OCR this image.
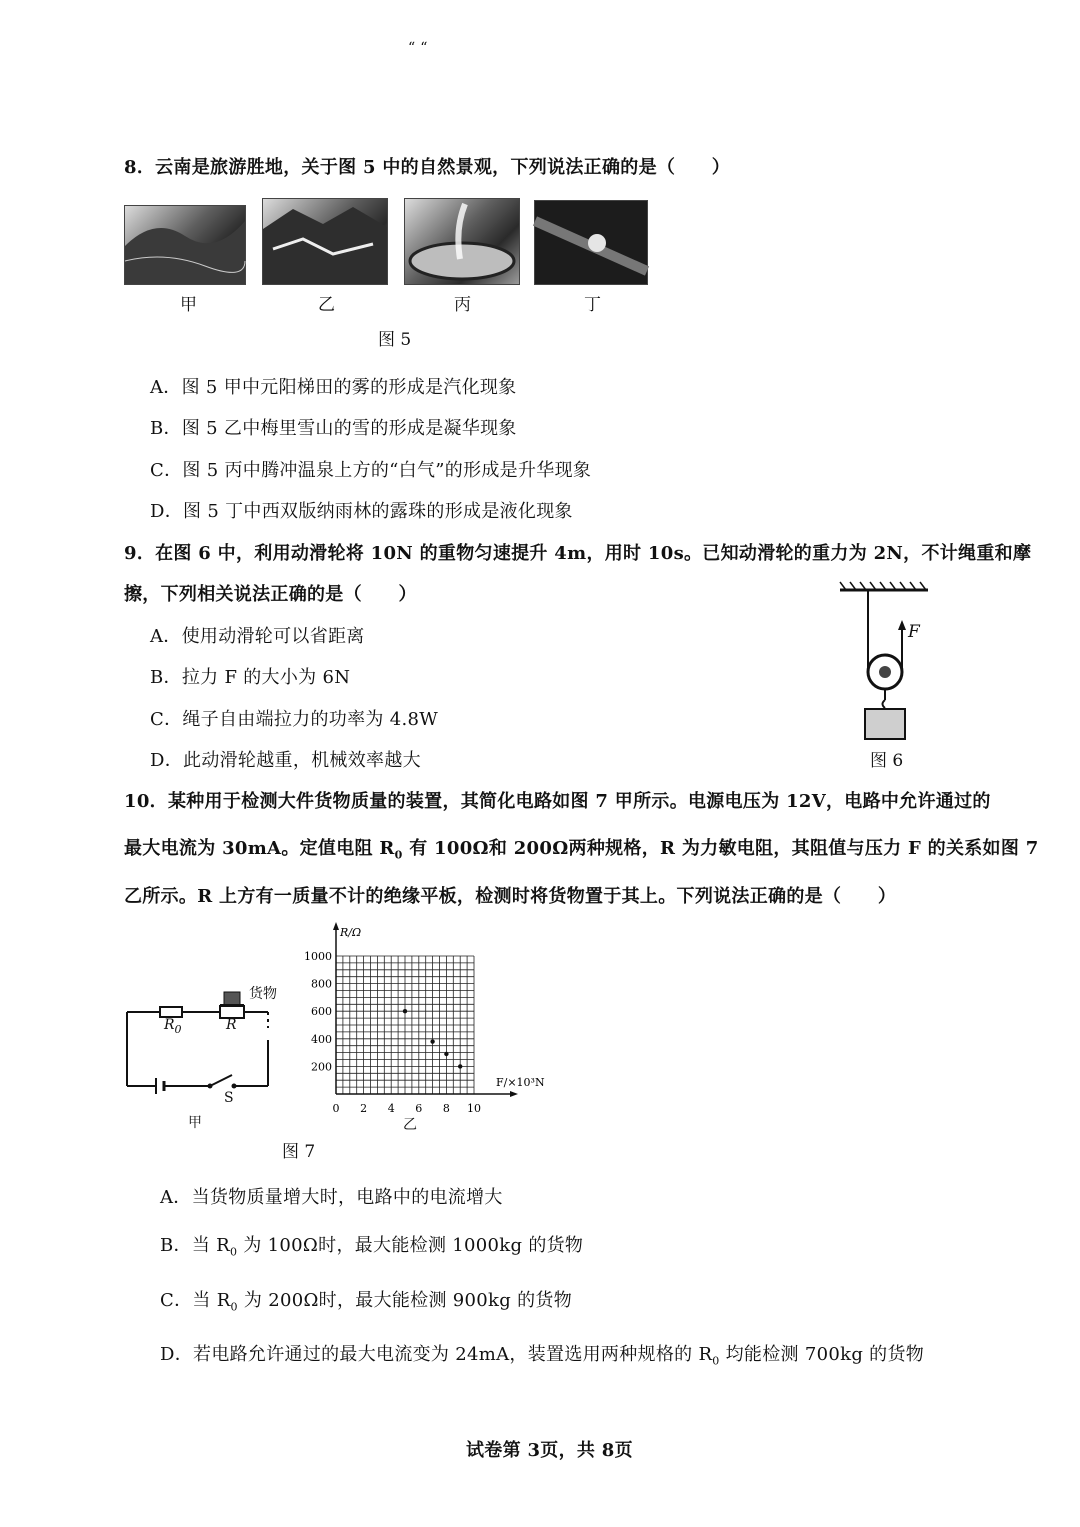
“ “
8．云南是旅游胜地，关于图 5 中的自然景观，下列说法正确的是（　　）
甲	乙	丙	丁
图 5
A．图 5 甲中元阳梯田的雾的形成是汽化现象
B．图 5 乙中梅里雪山的雪的形成是凝华现象
C．图 5 丙中腾冲温泉上方的“白气”的形成是升华现象
D．图 5 丁中西双版纳雨林的露珠的形成是液化现象
9．在图 6 中，利用动滑轮将 10N 的重物匀速提升 4m，用时 10s。已知动滑轮的重力为 2N，不计绳重和摩
擦，下列相关说法正确的是（　　）
A．使用动滑轮可以省距离
B．拉力 F 的大小为 6N
C．绳子自由端拉力的功率为 4.8W
D．此动滑轮越重，机械效率越大
F
图 6
10．某种用于检测大件货物质量的装置，其简化电路如图 7 甲所示。电源电压为 12V，电路中允许通过的
最大电流为 30mA。定值电阻 $R_0$ 有 100Ω和 200Ω两种规格，R 为力敏电阻，其阻值与压力 F 的关系如图 7
乙所示。R 上方有一质量不计的绝缘平板，检测时将货物置于其上。下列说法正确的是（　　）
货物
$R_0$	R
S
甲
0 2 4 6 8 10
200
400
600
800
1000
F/×10³N
R/Ω
乙
图 7
A．当货物质量增大时，电路中的电流增大
B．当 $R_0$ 为 100Ω时，最大能检测 1000kg 的货物
C．当 $R_0$ 为 200Ω时，最大能检测 900kg 的货物
D．若电路允许通过的最大电流变为 24mA，装置选用两种规格的 $R_0$ 均能检测 700kg 的货物
试卷第 3页，共 8页
